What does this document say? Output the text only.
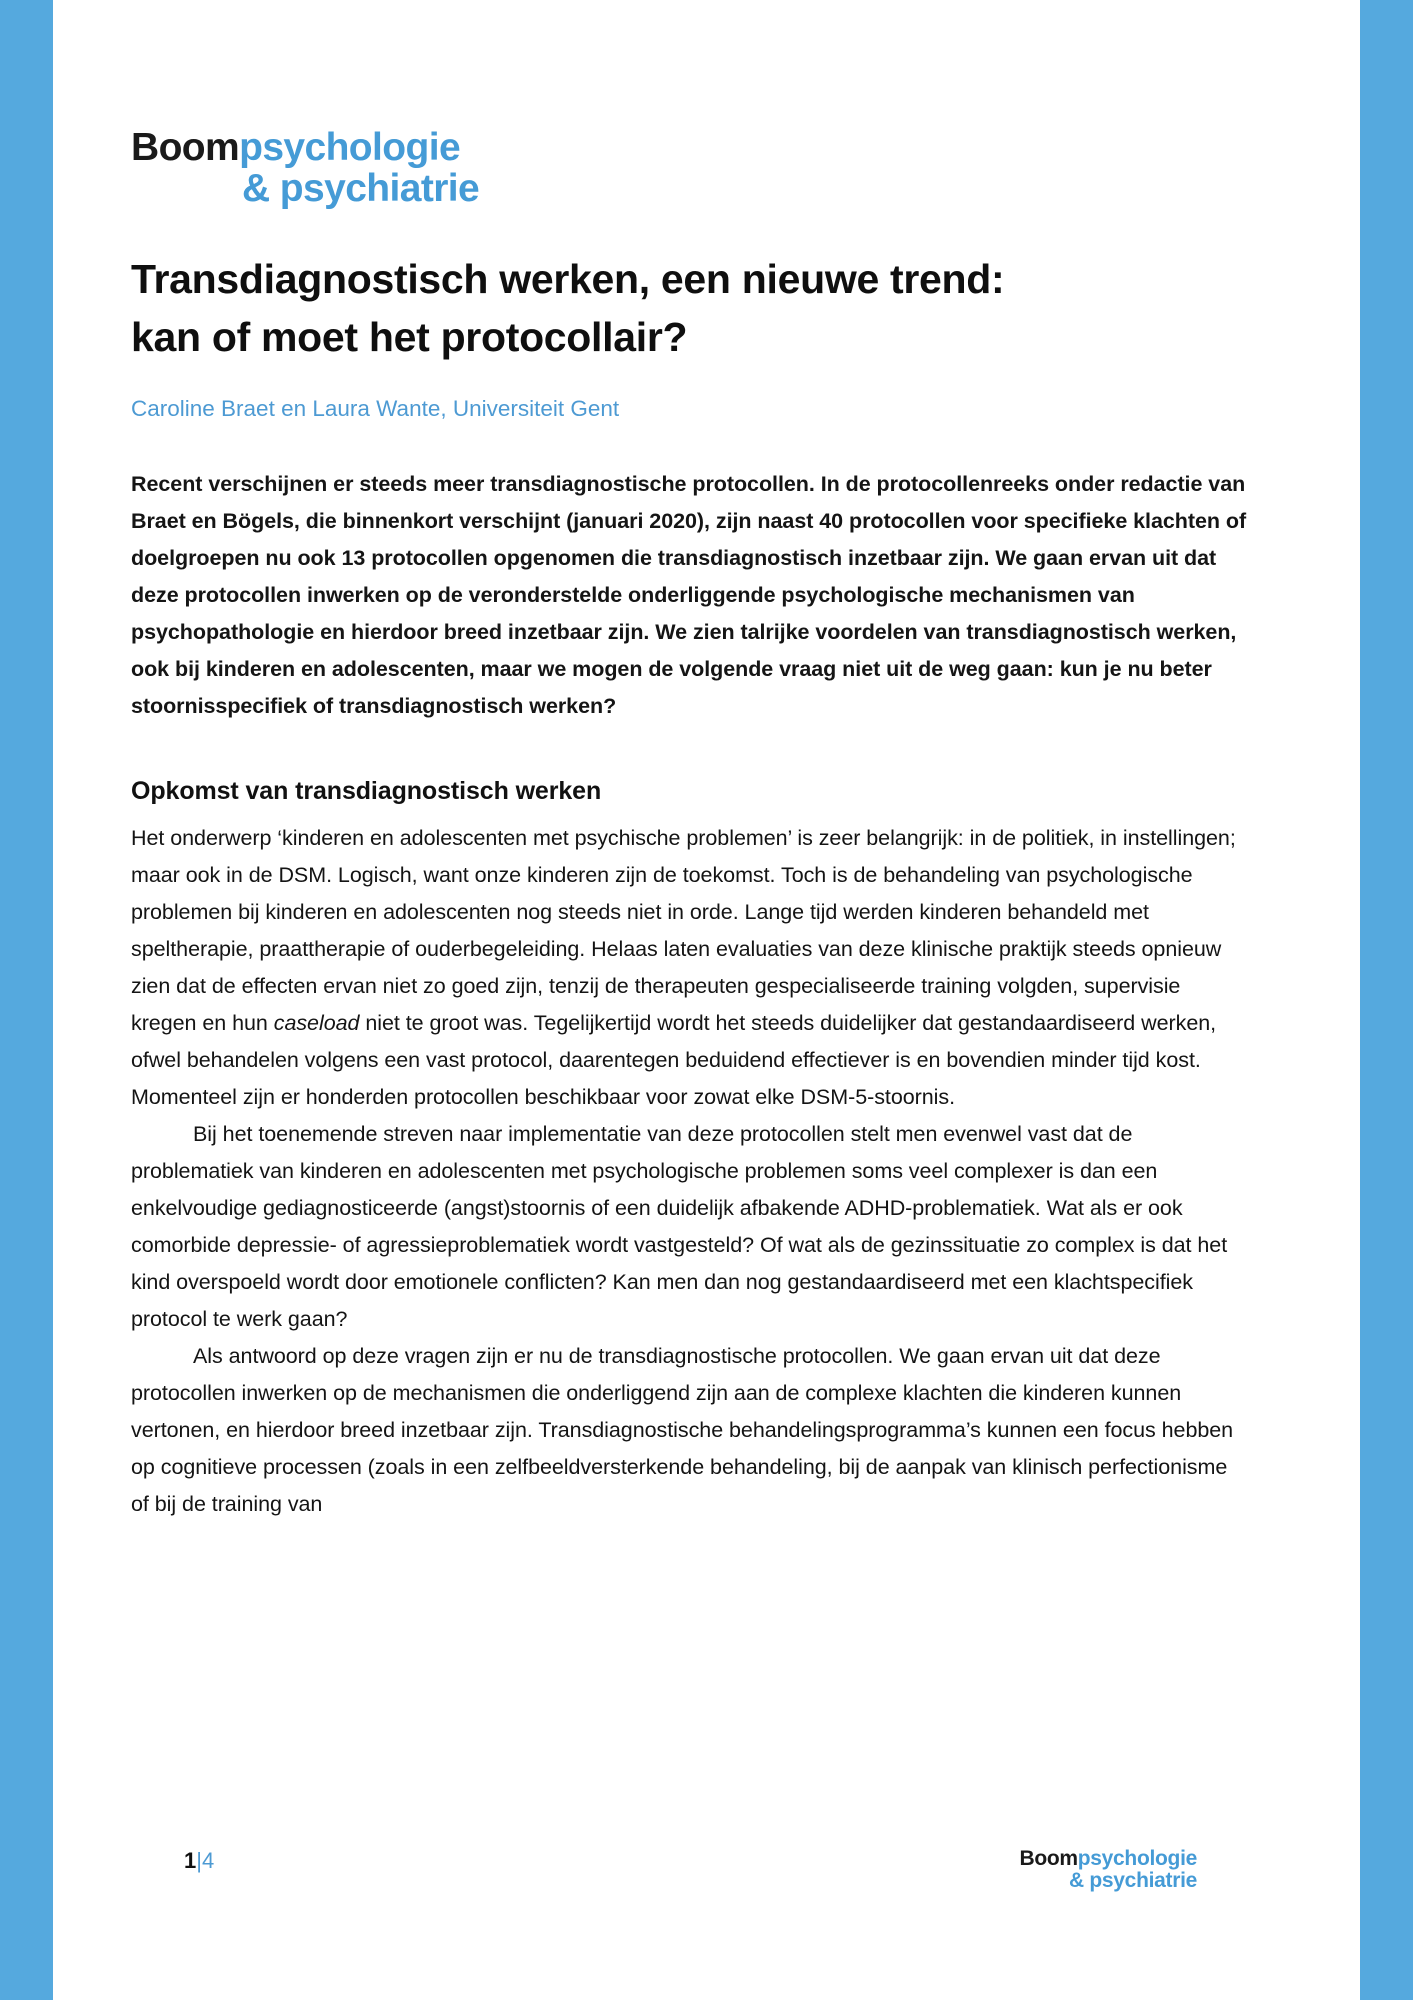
Boompsychologie
& psychiatrie
Transdiagnostisch werken, een nieuwe trend:
kan of moet het protocollair?
Caroline Braet en Laura Wante, Universiteit Gent

Recent verschijnen er steeds meer transdiagnostische protocollen. In de protocollenreeks onder redactie van Braet en Bögels, die binnenkort verschijnt (januari 2020), zijn naast 40 protocollen voor specifieke klachten of doelgroepen nu ook 13 protocollen opgenomen die transdiagnostisch inzetbaar zijn. We gaan ervan uit dat deze protocollen inwerken op de veronderstelde onderliggende psychologische mechanismen van psychopathologie en hierdoor breed inzetbaar zijn. We zien talrijke voordelen van transdiagnostisch werken, ook bij kinderen en adolescenten, maar we mogen de volgende vraag niet uit de weg gaan: kun je nu beter stoornisspecifiek of transdiagnostisch werken?

Opkomst van transdiagnostisch werken

Het onderwerp ‘kinderen en adolescenten met psychische problemen’ is zeer belangrijk: in de politiek, in instellingen; maar ook in de DSM. Logisch, want onze kinderen zijn de toekomst. Toch is de behandeling van psychologische problemen bij kinderen en adolescenten nog steeds niet in orde. Lange tijd werden kinderen behandeld met speltherapie, praattherapie of ouderbegeleiding. Helaas laten evaluaties van deze klinische praktijk steeds opnieuw zien dat de effecten ervan niet zo goed zijn, tenzij de therapeuten gespecialiseerde training volgden, supervisie kregen en hun caseload niet te groot was. Tegelijkertijd wordt het steeds duidelijker dat gestandaardiseerd werken, ofwel behandelen volgens een vast protocol, daarentegen beduidend effectiever is en bovendien minder tijd kost. Momenteel zijn er honderden protocollen beschikbaar voor zowat elke DSM-5-stoornis.

Bij het toenemende streven naar implementatie van deze protocollen stelt men evenwel vast dat de problematiek van kinderen en adolescenten met psychologische problemen soms veel complexer is dan een enkelvoudige gediagnosticeerde (angst)stoornis of een duidelijk afbakende ADHD-problematiek. Wat als er ook comorbide depressie- of agressieproblematiek wordt vastgesteld? Of wat als de gezinssituatie zo complex is dat het kind overspoeld wordt door emotionele conflicten? Kan men dan nog gestandaardiseerd met een klachtspecifiek protocol te werk gaan?

Als antwoord op deze vragen zijn er nu de transdiagnostische protocollen. We gaan ervan uit dat deze protocollen inwerken op de mechanismen die onderliggend zijn aan de complexe klachten die kinderen kunnen vertonen, en hierdoor breed inzetbaar zijn. Transdiagnostische behandelingsprogramma’s kunnen een focus hebben op cognitieve processen (zoals in een zelfbeeldversterkende behandeling, bij de aanpak van klinisch perfectionisme of bij de training van

1|4	Boompsychologie
& psychiatrie
